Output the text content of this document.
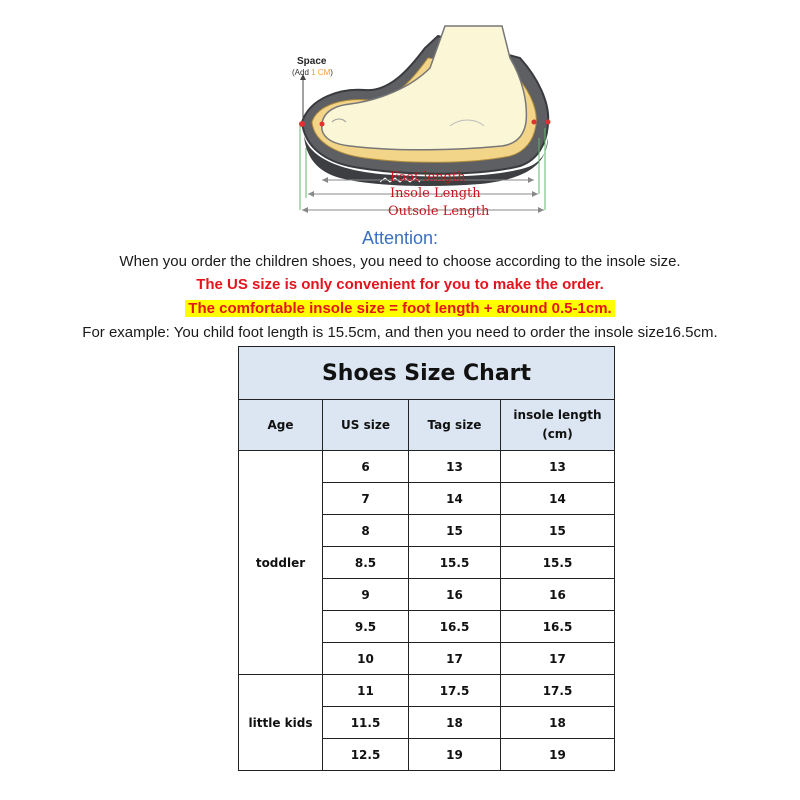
Space
(Add 1 CM)
Foot length
Insole Length
Outsole Length
Attention:
When you order the children shoes, you need to choose according to the insole size.
The US size is only convenient for you to make the order.
The comfortable insole size = foot length + around 0.5-1cm.
For example: You child foot length is 15.5cm, and then you need to order the insole size16.5cm.
Shoes Size Chart			
Age	US size	Tag size	insole length
(cm)
toddler	6	13	13
	7	14	14
	8	15	15
	8.5	15.5	15.5
	9	16	16
	9.5	16.5	16.5
	10	17	17
little kids	11	17.5	17.5
	11.5	18	18
	12.5	19	19
